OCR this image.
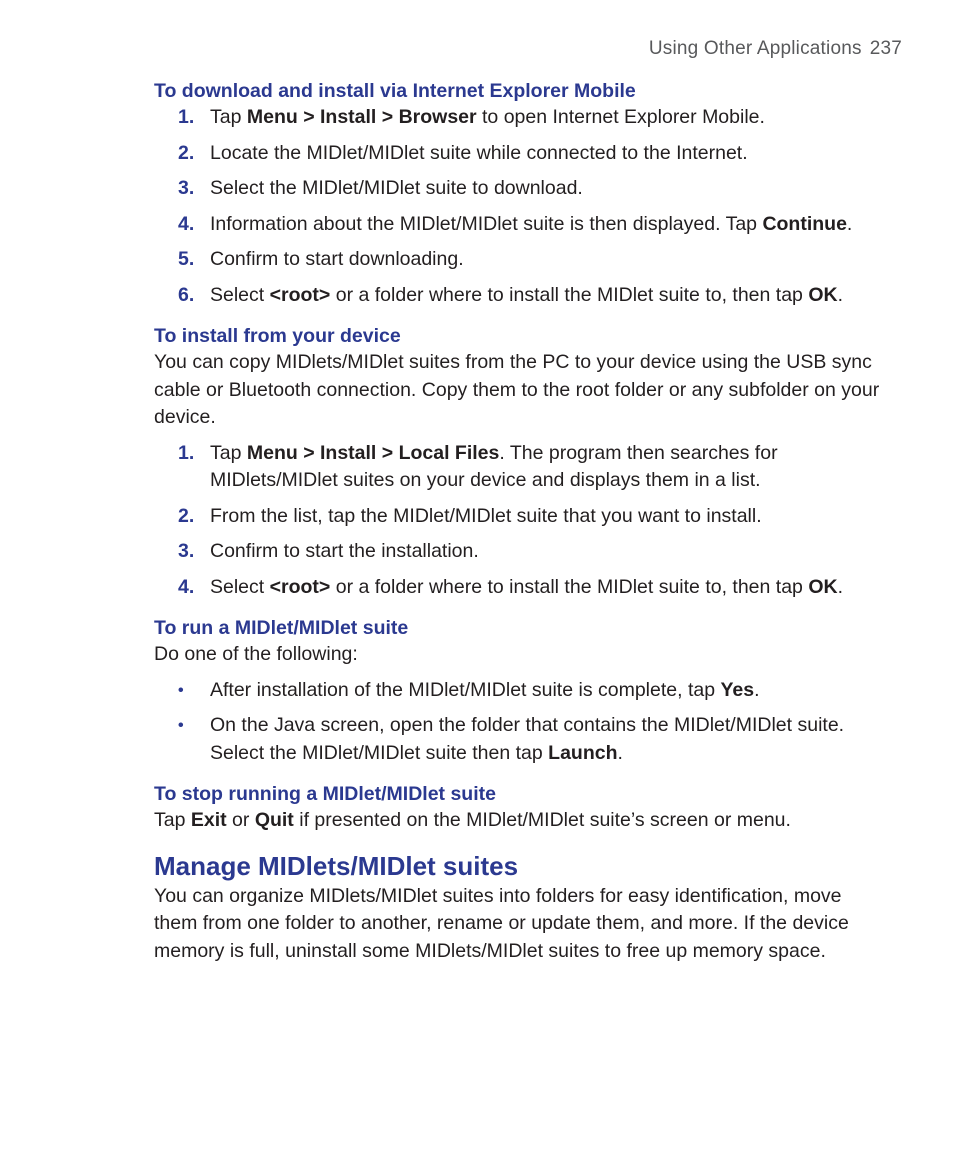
Using Other Applications 237
To download and install via Internet Explorer Mobile
1. Tap Menu > Install > Browser to open Internet Explorer Mobile.
2. Locate the MIDlet/MIDlet suite while connected to the Internet.
3. Select the MIDlet/MIDlet suite to download.
4. Information about the MIDlet/MIDlet suite is then displayed. Tap Continue.
5. Confirm to start downloading.
6. Select <root> or a folder where to install the MIDlet suite to, then tap OK.
To install from your device

You can copy MIDlets/MIDlet suites from the PC to your device using the USB sync cable or Bluetooth connection. Copy them to the root folder or any subfolder on your device.

1. Tap Menu > Install > Local Files. The program then searches for MIDlets/MIDlet suites on your device and displays them in a list.
2. From the list, tap the MIDlet/MIDlet suite that you want to install.
3. Confirm to start the installation.
4. Select <root> or a folder where to install the MIDlet suite to, then tap OK.
To run a MIDlet/MIDlet suite

Do one of the following:

• After installation of the MIDlet/MIDlet suite is complete, tap Yes.
• On the Java screen, open the folder that contains the MIDlet/MIDlet suite. Select the MIDlet/MIDlet suite then tap Launch.
To stop running a MIDlet/MIDlet suite

Tap Exit or Quit if presented on the MIDlet/MIDlet suite’s screen or menu.

Manage MIDlets/MIDlet suites

You can organize MIDlets/MIDlet suites into folders for easy identification, move them from one folder to another, rename or update them, and more. If the device memory is full, uninstall some MIDlets/MIDlet suites to free up memory space.
